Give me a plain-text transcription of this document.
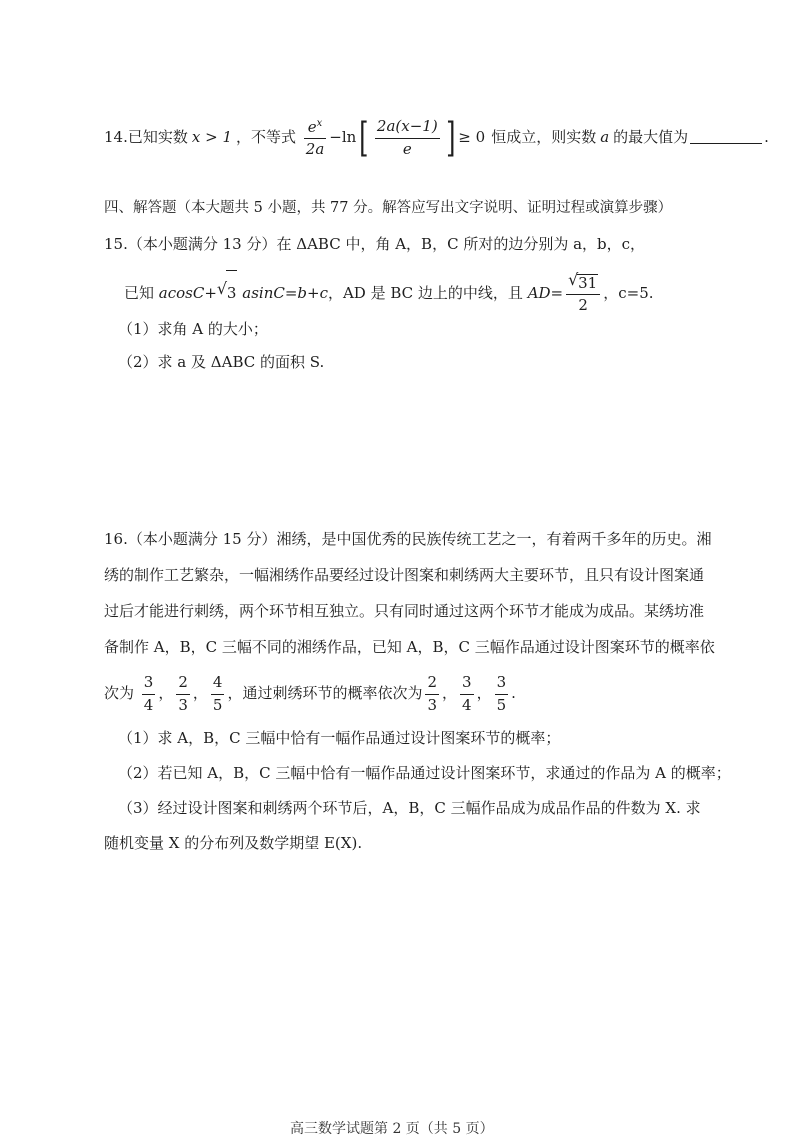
14.已知实数 x > 1 ，不等式 $\frac{e^x}{2a} -\ln[ \frac{2a(x-1)}{e}$ ] ≥ 0 恒成立，则实数 a 的最大值为	.
四、解答题（本大题共 5 小题，共 77 分。解答应写出文字说明、证明过程或演算步骤）
15.（本小题满分 13 分）在 ΔABC 中，角 A，B，C 所对的边分别为 a，b，c，
已知 acosC+ √ 3 asinC=b+c，AD 是 BC 边上的中线，且 $AD= \frac{√ 31}{2}$ ，c=5.
（1）求角 A 的大小；
（2）求 a 及 ΔABC 的面积 S.
16.（本小题满分 15 分）湘绣，是中国优秀的民族传统工艺之一，有着两千多年的历史。湘
绣的制作工艺繁杂，一幅湘绣作品要经过设计图案和刺绣两大主要环节，且只有设计图案通
过后才能进行刺绣，两个环节相互独立。只有同时通过这两个环节才能成为成品。某绣坊准
备制作 A，B，C 三幅不同的湘绣作品，已知 A，B，C 三幅作品通过设计图案环节的概率依
次为 $\frac{3}{4}$ ， $\frac{2}{3}$ ， $\frac{4}{5}$ ，通过刺绣环节的概率依次为 $\frac{2}{3}$ ， $\frac{3}{4}$ ， $\frac{3}{5}$ .
（1）求 A，B，C 三幅中恰有一幅作品通过设计图案环节的概率；
（2）若已知 A，B，C 三幅中恰有一幅作品通过设计图案环节，求通过的作品为 A 的概率；
（3）经过设计图案和刺绣两个环节后，A，B，C 三幅作品成为成品作品的件数为 X. 求
随机变量 X 的分布列及数学期望 E(X).
高三数学试题第 2 页（共 5 页）
